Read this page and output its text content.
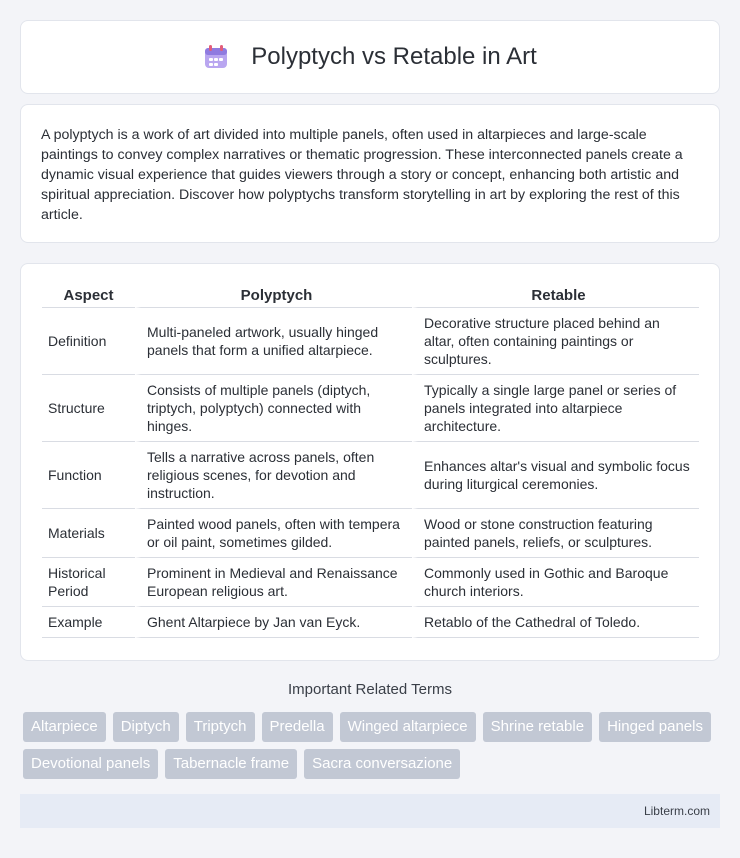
Polyptych vs Retable in Art

A polyptych is a work of art divided into multiple panels, often used in altarpieces and large-scale paintings to convey complex narratives or thematic progression. These interconnected panels create a dynamic visual experience that guides viewers through a story or concept, enhancing both artistic and spiritual appreciation. Discover how polyptychs transform storytelling in art by exploring the rest of this article.

Aspect	Polyptych	Retable
Definition	Multi-paneled artwork, usually hinged panels that form a unified altarpiece.	Decorative structure placed behind an altar, often containing paintings or sculptures.
Structure	Consists of multiple panels (diptych, triptych, polyptych) connected with hinges.	Typically a single large panel or series of panels integrated into altarpiece architecture.
Function	Tells a narrative across panels, often religious scenes, for devotion and instruction.	Enhances altar's visual and symbolic focus during liturgical ceremonies.
Materials	Painted wood panels, often with tempera or oil paint, sometimes gilded.	Wood or stone construction featuring painted panels, reliefs, or sculptures.
Historical Period	Prominent in Medieval and Renaissance European religious art.	Commonly used in Gothic and Baroque church interiors.
Example	Ghent Altarpiece by Jan van Eyck.	Retablo of the Cathedral of Toledo.
Important Related Terms
Altarpiece	Diptych	Triptych	Predella	Winged altarpiece	Shrine retable	Hinged panels
Devotional panels	Tabernacle frame	Sacra conversazione
Libterm.com
